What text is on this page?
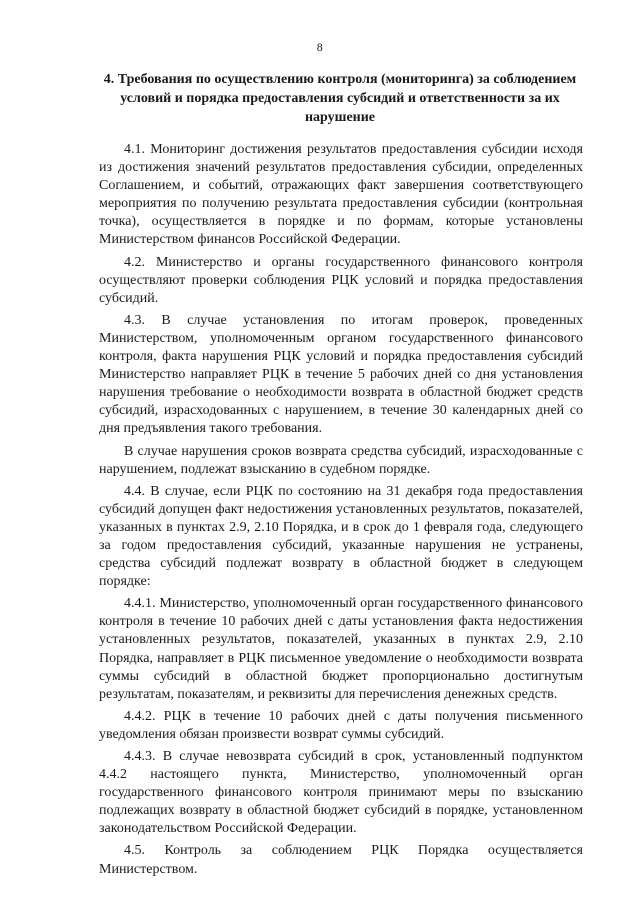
8
4. Требования по осуществлению контроля (мониторинга) за соблюдением условий и порядка предоставления субсидий и ответственности за их нарушение

4.1. Мониторинг достижения результатов предоставления субсидии исходя из достижения значений результатов предоставления субсидии, определенных Соглашением, и событий, отражающих факт завершения соответствующего мероприятия по получению результата предоставления субсидии (контрольная точка), осуществляется в порядке и по формам, которые установлены Министерством финансов Российской Федерации.

4.2. Министерство и органы государственного финансового контроля осуществляют проверки соблюдения РЦК условий и порядка предоставления субсидий.

4.3. В случае установления по итогам проверок, проведенных Министерством, уполномоченным органом государственного финансового контроля, факта нарушения РЦК условий и порядка предоставления субсидий Министерство направляет РЦК в течение 5 рабочих дней со дня установления нарушения требование о необходимости возврата в областной бюджет средств субсидий, израсходованных с нарушением, в течение 30 календарных дней со дня предъявления такого требования.

В случае нарушения сроков возврата средства субсидий, израсходованные с нарушением, подлежат взысканию в судебном порядке.

4.4. В случае, если РЦК по состоянию на 31 декабря года предоставления субсидий допущен факт недостижения установленных результатов, показателей, указанных в пунктах 2.9, 2.10 Порядка, и в срок до 1 февраля года, следующего за годом предоставления субсидий, указанные нарушения не устранены, средства субсидий подлежат возврату в областной бюджет в следующем порядке:

4.4.1. Министерство, уполномоченный орган государственного финансового контроля в течение 10 рабочих дней с даты установления факта недостижения установленных результатов, показателей, указанных в пунктах 2.9, 2.10 Порядка, направляет в РЦК письменное уведомление о необходимости возврата суммы субсидий в областной бюджет пропорционально достигнутым результатам, показателям, и реквизиты для перечисления денежных средств.

4.4.2. РЦК в течение 10 рабочих дней с даты получения письменного уведомления обязан произвести возврат суммы субсидий.

4.4.3. В случае невозврата субсидий в срок, установленный подпунктом 4.4.2 настоящего пункта, Министерство, уполномоченный орган государственного финансового контроля принимают меры по взысканию подлежащих возврату в областной бюджет субсидий в порядке, установленном законодательством Российской Федерации.

4.5. Контроль за соблюдением РЦК Порядка осуществляется Министерством.
